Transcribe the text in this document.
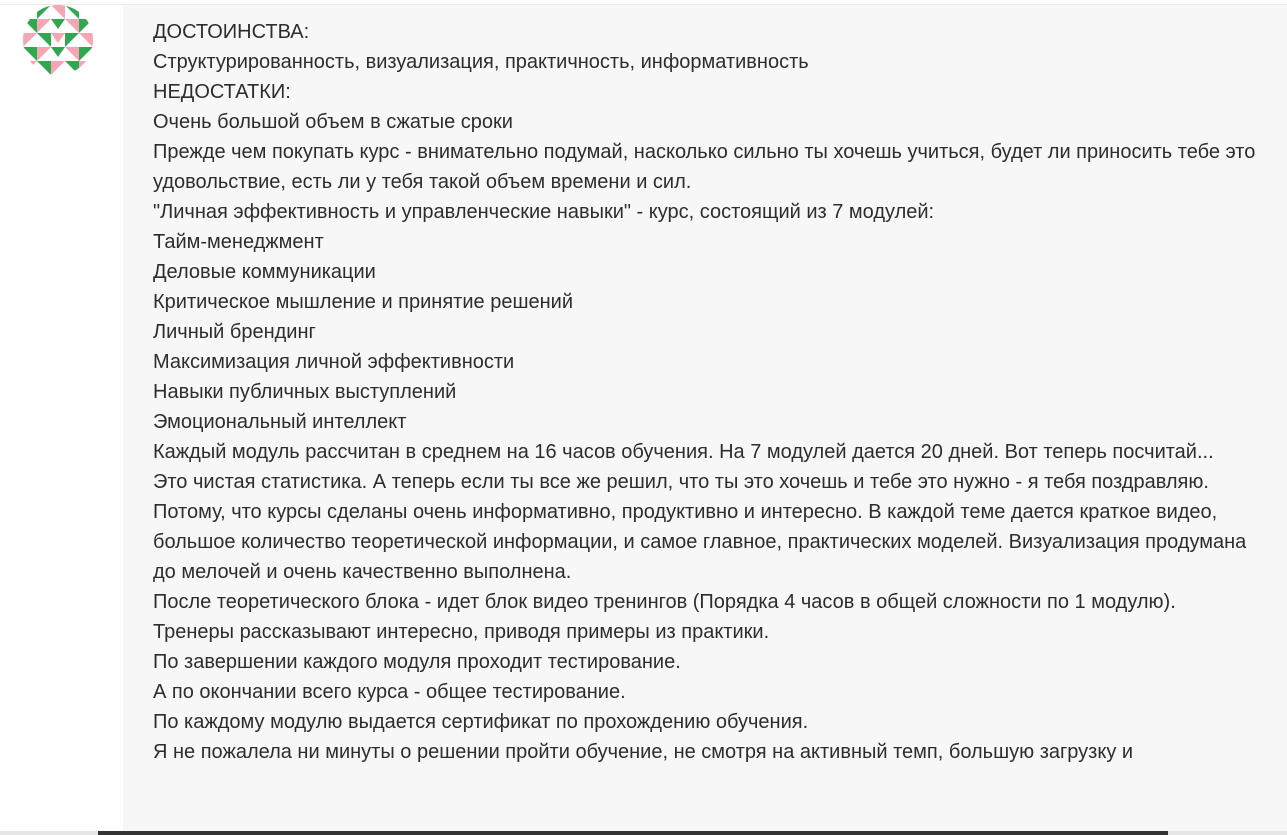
ДОСТОИНСТВА:
Структурированность, визуализация, практичность, информативность
НЕДОСТАТКИ:
Очень большой объем в сжатые сроки
Прежде чем покупать курс - внимательно подумай, насколько сильно ты хочешь учиться, будет ли приносить тебе это удовольствие, есть ли у тебя такой объем времени и сил.
"Личная эффективность и управленческие навыки" - курс, состоящий из 7 модулей:
Тайм-менеджмент
Деловые коммуникации
Критическое мышление и принятие решений
Личный брендинг
Максимизация личной эффективности
Навыки публичных выступлений
Эмоциональный интеллект
Каждый модуль рассчитан в среднем на 16 часов обучения. На 7 модулей дается 20 дней. Вот теперь посчитай...
Это чистая статистика. А теперь если ты все же решил, что ты это хочешь и тебе это нужно - я тебя поздравляю.
Потому, что курсы сделаны очень информативно, продуктивно и интересно. В каждой теме дается краткое видео, большое количество теоретической информации, и самое главное, практических моделей. Визуализация продумана до мелочей и очень качественно выполнена.
После теоретического блока - идет блок видео тренингов (Порядка 4 часов в общей сложности по 1 модулю). Тренеры рассказывают интересно, приводя примеры из практики.
По завершении каждого модуля проходит тестирование.
А по окончании всего курса - общее тестирование.
По каждому модулю выдается сертификат по прохождению обучения.
Я не пожалела ни минуты о решении пройти обучение, не смотря на активный темп, большую загрузку и
